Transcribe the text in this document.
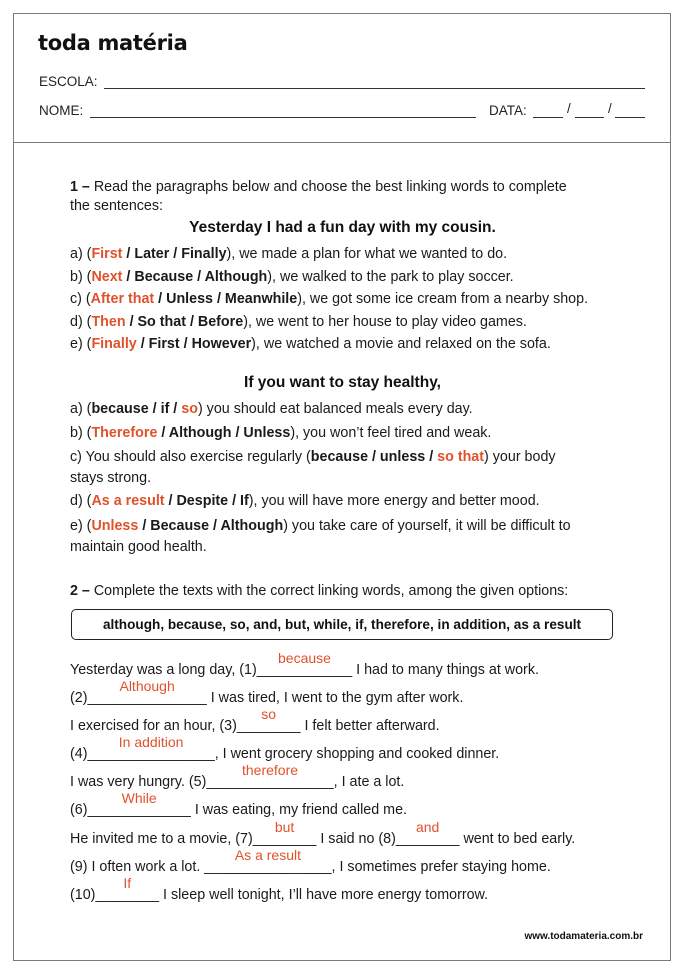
toda matéria
ESCOLA:
NOME:	DATA:	/	/
1 – Read the paragraphs below and choose the best linking words to complete
the sentences:
Yesterday I had a fun day with my cousin.
a) (First / Later / Finally), we made a plan for what we wanted to do.
b) (Next / Because / Although), we walked to the park to play soccer.
c) (After that / Unless / Meanwhile), we got some ice cream from a nearby shop.
d) (Then / So that / Before), we went to her house to play video games.
e) (Finally / First / However), we watched a movie and relaxed on the sofa.
If you want to stay healthy,
a) (because / if / so) you should eat balanced meals every day.
b) (Therefore / Although / Unless), you won’t feel tired and weak.
c) You should also exercise regularly (because / unless / so that) your body
stays strong.
d) (As a result / Despite / If), you will have more energy and better mood.
e) (Unless / Because / Although) you take care of yourself, it will be difficult to
maintain good health.
2 – Complete the texts with the correct linking words, among the given options:
although, because, so, and, but, while, if, therefore, in addition, as a result
Yesterday was a long day, (1)____________
because
I had to many things at work.
(2)_______________
Although
I was tired, I went to the gym after work.
I exercised for an hour, (3)________
so
I felt better afterward.
(4)________________
In addition
, I went grocery shopping and cooked dinner.
I was very hungry. (5)________________
therefore
, I ate a lot.
(6)_____________
While
I was eating, my friend called me.
He invited me to a movie, (7)________
but
I said no (8)________
and
went to bed early.
(9) I often work a lot. ________________
As a result
, I sometimes prefer staying home.
(10)________
If
I sleep well tonight, I’ll have more energy tomorrow.
www.todamateria.com.br
